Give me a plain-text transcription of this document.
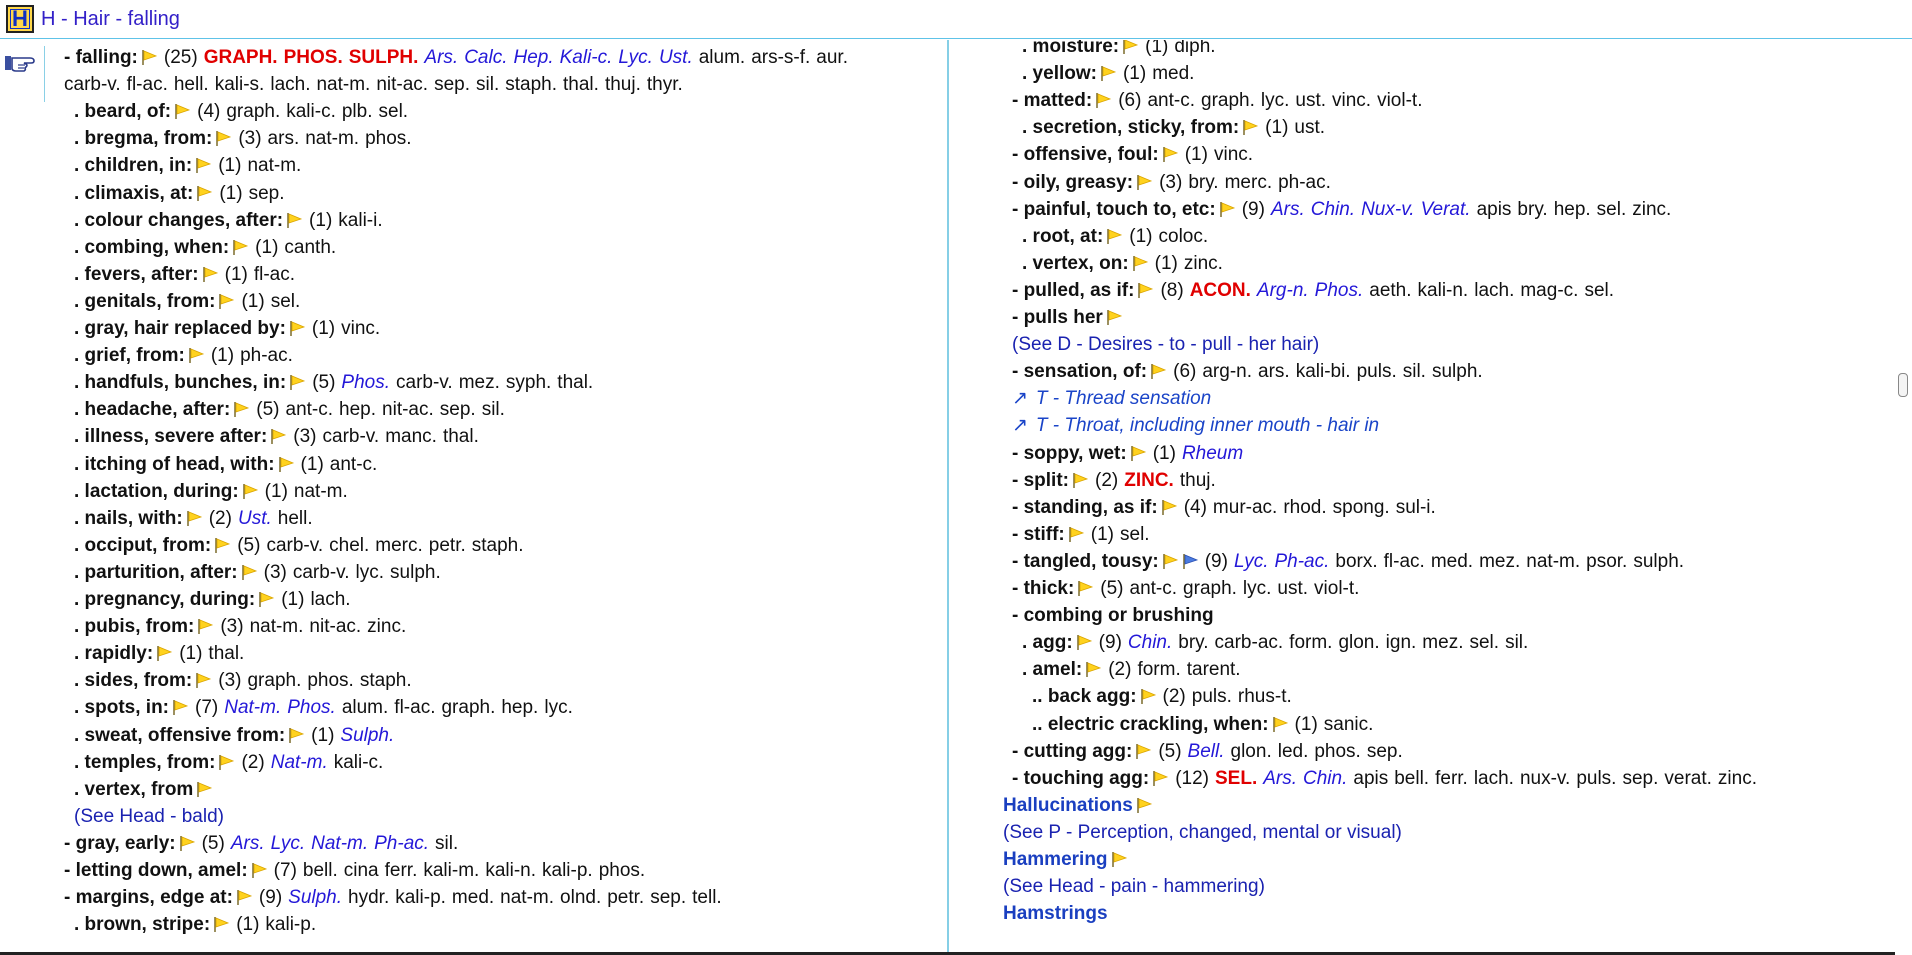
H H - Hair - falling
- falling: (25) GRAPH. PHOS. SULPH. Ars. Calc. Hep. Kali-c. Lyc. Ust. alum. ars-s-f. aur.
carb-v. fl-ac. hell. kali-s. lach. nat-m. nit-ac. sep. sil. staph. thal. thuj. thyr.
. beard, of: (4) graph. kali-c. plb. sel.
. bregma, from: (3) ars. nat-m. phos.
. children, in: (1) nat-m.
. climaxis, at: (1) sep.
. colour changes, after: (1) kali-i.
. combing, when: (1) canth.
. fevers, after: (1) fl-ac.
. genitals, from: (1) sel.
. gray, hair replaced by: (1) vinc.
. grief, from: (1) ph-ac.
. handfuls, bunches, in: (5) Phos. carb-v. mez. syph. thal.
. headache, after: (5) ant-c. hep. nit-ac. sep. sil.
. illness, severe after: (3) carb-v. manc. thal.
. itching of head, with: (1) ant-c.
. lactation, during: (1) nat-m.
. nails, with: (2) Ust. hell.
. occiput, from: (5) carb-v. chel. merc. petr. staph.
. parturition, after: (3) carb-v. lyc. sulph.
. pregnancy, during: (1) lach.
. pubis, from: (3) nat-m. nit-ac. zinc.
. rapidly: (1) thal.
. sides, from: (3) graph. phos. staph.
. spots, in: (7) Nat-m. Phos. alum. fl-ac. graph. hep. lyc.
. sweat, offensive from: (1) Sulph.
. temples, from: (2) Nat-m. kali-c.
. vertex, from
(See Head - bald)
- gray, early: (5) Ars. Lyc. Nat-m. Ph-ac. sil.
- letting down, amel: (7) bell. cina ferr. kali-m. kali-n. kali-p. phos.
- margins, edge at: (9) Sulph. hydr. kali-p. med. nat-m. olnd. petr. sep. tell.
. brown, stripe: (1) kali-p.
. moisture: (1) diph.
. yellow: (1) med.
- matted: (6) ant-c. graph. lyc. ust. vinc. viol-t.
. secretion, sticky, from: (1) ust.
- offensive, foul: (1) vinc.
- oily, greasy: (3) bry. merc. ph-ac.
- painful, touch to, etc: (9) Ars. Chin. Nux-v. Verat. apis bry. hep. sel. zinc.
. root, at: (1) coloc.
. vertex, on: (1) zinc.
- pulled, as if: (8) ACON. Arg-n. Phos. aeth. kali-n. lach. mag-c. sel.
- pulls her
(See D - Desires - to - pull - her hair)
- sensation, of: (6) arg-n. ars. kali-bi. puls. sil. sulph.
↗ T - Thread sensation
↗ T - Throat, including inner mouth - hair in
- soppy, wet: (1) Rheum
- split: (2) ZINC. thuj.
- standing, as if: (4) mur-ac. rhod. spong. sul-i.
- stiff: (1) sel.
- tangled, tousy: (9) Lyc. Ph-ac. borx. fl-ac. med. mez. nat-m. psor. sulph.
- thick: (5) ant-c. graph. lyc. ust. viol-t.
- combing or brushing
. agg: (9) Chin. bry. carb-ac. form. glon. ign. mez. sel. sil.
. amel: (2) form. tarent.
.. back agg: (2) puls. rhus-t.
.. electric crackling, when: (1) sanic.
- cutting agg: (5) Bell. glon. led. phos. sep.
- touching agg: (12) SEL. Ars. Chin. apis bell. ferr. lach. nux-v. puls. sep. verat. zinc.
Hallucinations
(See P - Perception, changed, mental or visual)
Hammering
(See Head - pain - hammering)
Hamstrings
